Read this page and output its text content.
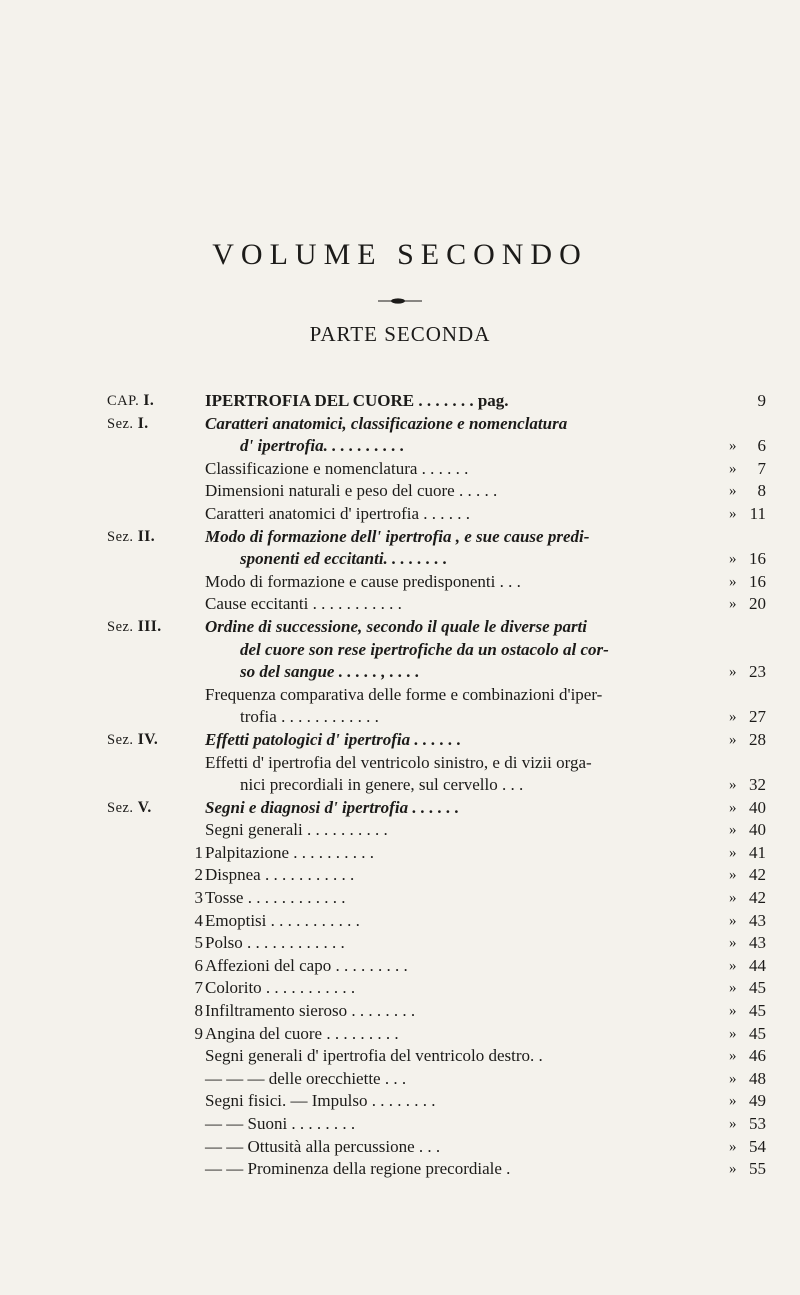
VOLUME SECONDO
PARTE SECONDA
CAP. I.	IPERTROFIA DEL CUORE . . . . . . . pag.	9
Sez. I.	Caratteri anatomici, classificazione e nomenclatura
d' ipertrofia. . . . . . . . . .	» 6
Classificazione e nomenclatura . . . . . .	» 7
Dimensioni naturali e peso del cuore . . . . .	» 8
Caratteri anatomici d' ipertrofia . . . . . .	» 11
Sez. II.	Modo di formazione dell' ipertrofia , e sue cause predi-
sponenti ed eccitanti. . . . . . . .	» 16
Modo di formazione e cause predisponenti . . .	» 16
Cause eccitanti . . . . . . . . . . .	» 20
Sez. III.	Ordine di successione, secondo il quale le diverse parti
del cuore son rese ipertrofiche da un ostacolo al cor-
so del sangue . . . . . , . . . .	» 23
Frequenza comparativa delle forme e combinazioni d'iper-
trofia . . . . . . . . . . . .	» 27
Sez. IV.	Effetti patologici d' ipertrofia . . . . . .	» 28
Effetti d' ipertrofia del ventricolo sinistro, e di vizii orga-
nici precordiali in genere, sul cervello . . .	» 32
Sez. V.	Segni e diagnosi d' ipertrofia . . . . . .	» 40
Segni generali . . . . . . . . . .	» 40
1 Palpitazione . . . . . . . . . .	» 41
2 Dispnea . . . . . . . . . . .	» 42
3 Tosse . . . . . . . . . . . .	» 42
4 Emoptisi . . . . . . . . . . .	» 43
5 Polso . . . . . . . . . . . .	» 43
6 Affezioni del capo . . . . . . . . .	» 44
7 Colorito . . . . . . . . . . .	» 45
8 Infiltramento sieroso . . . . . . . .	» 45
9 Angina del cuore . . . . . . . . .	» 45
Segni generali d' ipertrofia del ventricolo destro. .	» 46
— — — delle orecchiette . . .	» 48
Segni fisici. — Impulso . . . . . . . .	» 49
— — Suoni . . . . . . . .	» 53
— — Ottusità alla percussione . . .	» 54
— — Prominenza della regione precordiale .	» 55
